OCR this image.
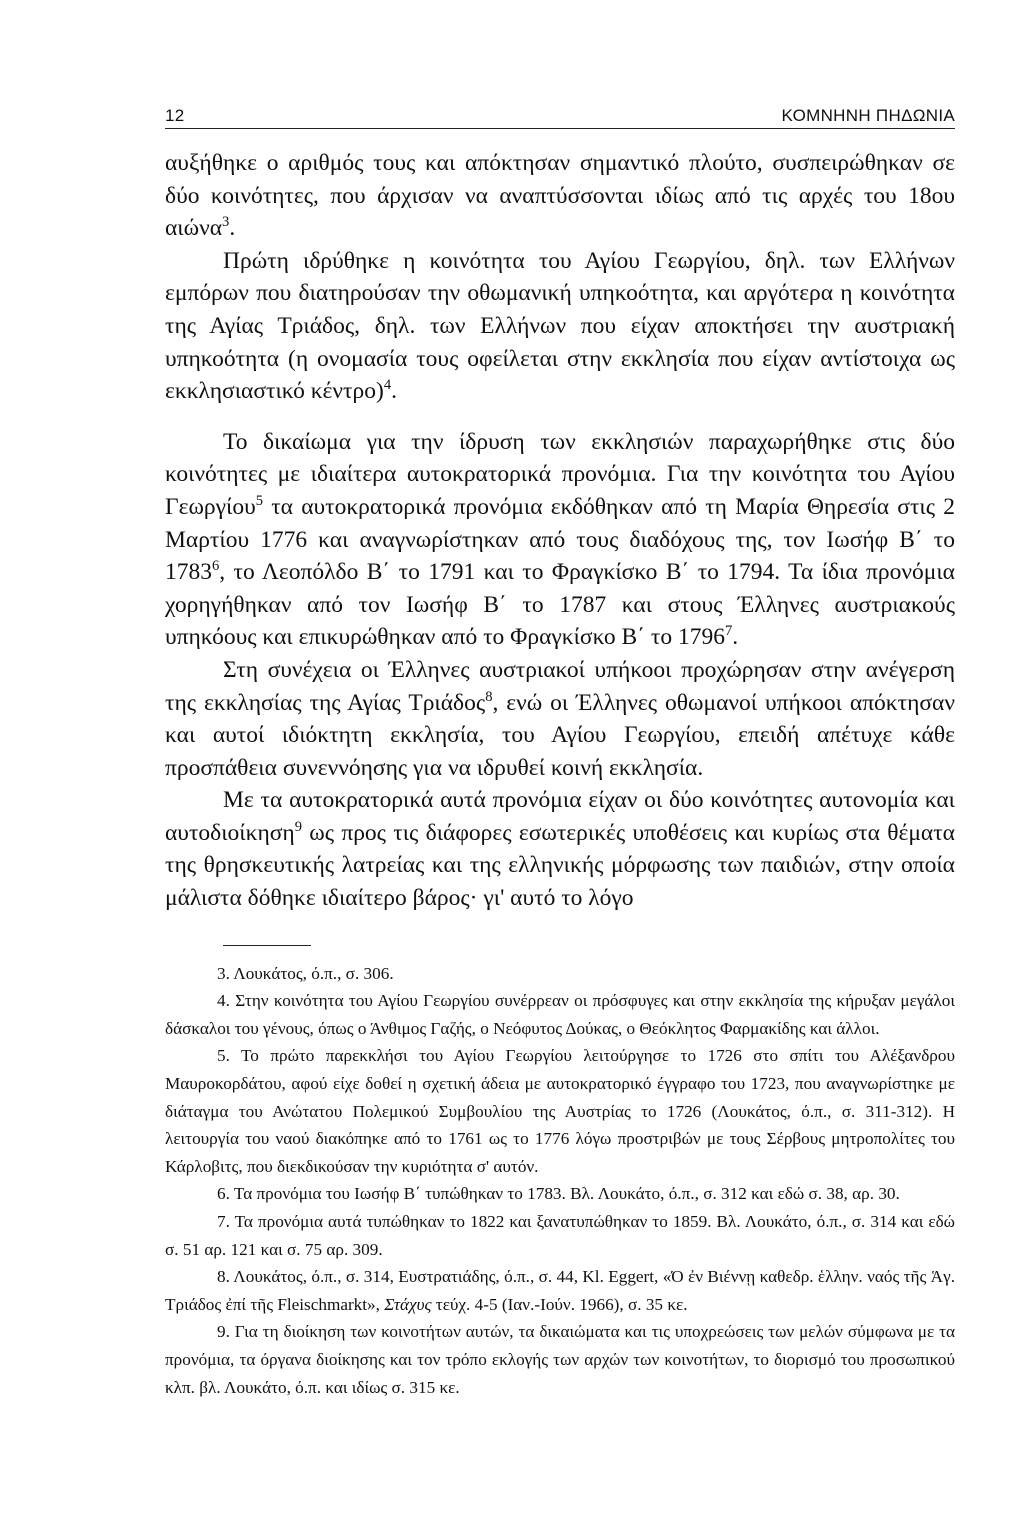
12	ΚΟΜΝΗΝΗ ΠΗΔΩΝΙΑ

αυξήθηκε ο αριθμός τους και απόκτησαν σημαντικό πλούτο, συσπειρώθηκαν σε δύο κοινότητες, που άρχισαν να αναπτύσσονται ιδίως από τις αρχές του 18ου αιώνα$^3$.

Πρώτη ιδρύθηκε η κοινότητα του Αγίου Γεωργίου, δηλ. των Ελλήνων εμπόρων που διατηρούσαν την οθωμανική υπηκοότητα, και αργότερα η κοινότητα της Αγίας Τριάδος, δηλ. των Ελλήνων που είχαν αποκτήσει την αυστριακή υπηκοότητα (η ονομασία τους οφείλεται στην εκκλησία που είχαν αντίστοιχα ως εκκλησιαστικό κέντρο)$^4$.

Το δικαίωμα για την ίδρυση των εκκλησιών παραχωρήθηκε στις δύο κοινότητες με ιδιαίτερα αυτοκρατορικά προνόμια. Για την κοινότητα του Αγίου Γεωργίου$^5$ τα αυτοκρατορικά προνόμια εκδόθηκαν από τη Μαρία Θηρεσία στις 2 Μαρτίου 1776 και αναγνωρίστηκαν από τους διαδόχους της, τον Ιωσήφ Β΄ το 1783$^6$, το Λεοπόλδο Β΄ το 1791 και το Φραγκίσκο Β΄ το 1794. Τα ίδια προνόμια χορηγήθηκαν από τον Ιωσήφ Β΄ το 1787 και στους Έλληνες αυστριακούς υπηκόους και επικυρώθηκαν από το Φραγκίσκο Β΄ το 1796$^7$.

Στη συνέχεια οι Έλληνες αυστριακοί υπήκοοι προχώρησαν στην ανέγερση της εκκλησίας της Αγίας Τριάδος$^8$, ενώ οι Έλληνες οθωμανοί υπήκοοι απόκτησαν και αυτοί ιδιόκτητη εκκλησία, του Αγίου Γεωργίου, επειδή απέτυχε κάθε προσπάθεια συνεννόησης για να ιδρυθεί κοινή εκκλησία.

Με τα αυτοκρατορικά αυτά προνόμια είχαν οι δύο κοινότητες αυτονομία και αυτοδιοίκηση$^9$ ως προς τις διάφορες εσωτερικές υποθέσεις και κυρίως στα θέματα της θρησκευτικής λατρείας και της ελληνικής μόρφωσης των παιδιών, στην οποία μάλιστα δόθηκε ιδιαίτερο βάρος· γι' αυτό το λόγο

3. Λουκάτος, ό.π., σ. 306.

4. Στην κοινότητα του Αγίου Γεωργίου συνέρρεαν οι πρόσφυγες και στην εκκλησία της κήρυξαν μεγάλοι δάσκαλοι του γένους, όπως ο Άνθιμος Γαζής, ο Νεόφυτος Δούκας, ο Θεόκλητος Φαρμακίδης και άλλοι.

5. Το πρώτο παρεκκλήσι του Αγίου Γεωργίου λειτούργησε το 1726 στο σπίτι του Αλέξανδρου Μαυροκορδάτου, αφού είχε δοθεί η σχετική άδεια με αυτοκρατορικό έγγραφο του 1723, που αναγνωρίστηκε με διάταγμα του Ανώτατου Πολεμικού Συμβουλίου της Αυστρίας το 1726 (Λουκάτος, ό.π., σ. 311-312). Η λειτουργία του ναού διακόπηκε από το 1761 ως το 1776 λόγω προστριβών με τους Σέρβους μητροπολίτες του Κάρλοβιτς, που διεκδικούσαν την κυριότητα σ' αυτόν.

6. Τα προνόμια του Ιωσήφ Β΄ τυπώθηκαν το 1783. Βλ. Λουκάτο, ό.π., σ. 312 και εδώ σ. 38, αρ. 30.

7. Τα προνόμια αυτά τυπώθηκαν το 1822 και ξανατυπώθηκαν το 1859. Βλ. Λουκάτο, ό.π., σ. 314 και εδώ σ. 51 αρ. 121 και σ. 75 αρ. 309.

8. Λουκάτος, ό.π., σ. 314, Ευστρατιάδης, ό.π., σ. 44, Kl. Eggert, «Ό ἐν Βιέννῃ καθεδρ. ἑλλην. ναός τῆς Ἁγ. Τριάδος ἐπί τῆς Fleischmarkt», Στάχυς τεύχ. 4-5 (Ιαν.-Ιούν. 1966), σ. 35 κε.

9. Για τη διοίκηση των κοινοτήτων αυτών, τα δικαιώματα και τις υποχρεώσεις των μελών σύμφωνα με τα προνόμια, τα όργανα διοίκησης και τον τρόπο εκλογής των αρχών των κοινοτήτων, το διορισμό του προσωπικού κλπ. βλ. Λουκάτο, ό.π. και ιδίως σ. 315 κε.
